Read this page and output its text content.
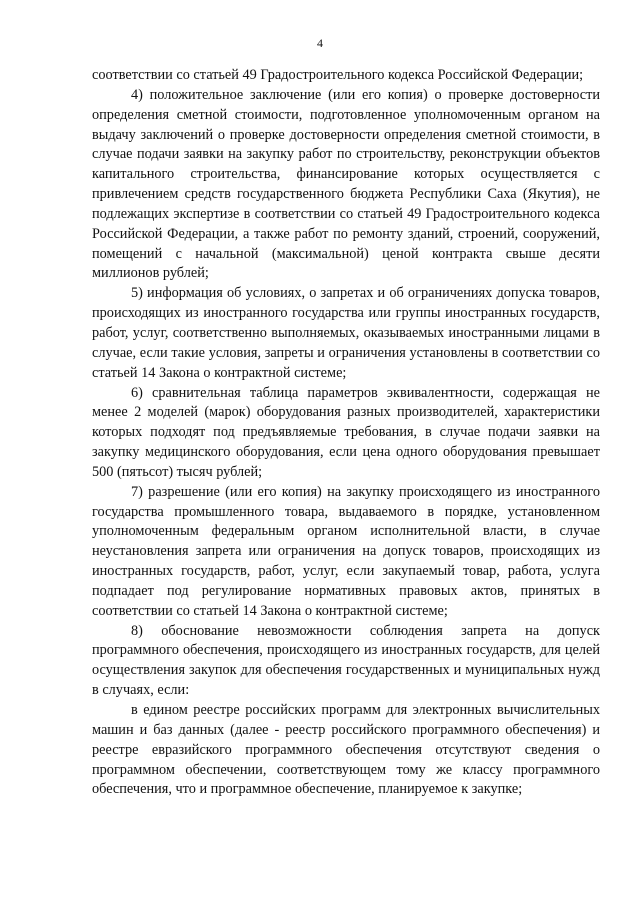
4

соответствии со статьей 49 Градостроительного кодекса Российской Федерации;

4) положительное заключение (или его копия) о проверке достоверности определения сметной стоимости, подготовленное уполномоченным органом на выдачу заключений о проверке достоверности определения сметной стоимости, в случае подачи заявки на закупку работ по строительству, реконструкции объектов капитального строительства, финансирование которых осуществляется с привлечением средств государственного бюджета Республики Саха (Якутия), не подлежащих экспертизе в соответствии со статьей 49 Градостроительного кодекса Российской Федерации, а также работ по ремонту зданий, строений, сооружений, помещений с начальной (максимальной) ценой контракта свыше десяти миллионов рублей;

5) информация об условиях, о запретах и об ограничениях допуска товаров, происходящих из иностранного государства или группы иностранных государств, работ, услуг, соответственно выполняемых, оказываемых иностранными лицами в случае, если такие условия, запреты и ограничения установлены в соответствии со статьей 14 Закона о контрактной системе;

6) сравнительная таблица параметров эквивалентности, содержащая не менее 2 моделей (марок) оборудования разных производителей, характеристики которых подходят под предъявляемые требования, в случае подачи заявки на закупку медицинского оборудования, если цена одного оборудования превышает 500 (пятьсот) тысяч рублей;

7) разрешение (или его копия) на закупку происходящего из иностранного государства промышленного товара, выдаваемого в порядке, установленном уполномоченным федеральным органом исполнительной власти, в случае неустановления запрета или ограничения на допуск товаров, происходящих из иностранных государств, работ, услуг, если закупаемый товар, работа, услуга подпадает под регулирование нормативных правовых актов, принятых в соответствии со статьей 14 Закона о контрактной системе;

8) обоснование невозможности соблюдения запрета на допуск программного обеспечения, происходящего из иностранных государств, для целей осуществления закупок для обеспечения государственных и муниципальных нужд в случаях, если:

в едином реестре российских программ для электронных вычислительных машин и баз данных (далее - реестр российского программного обеспечения) и реестре евразийского программного обеспечения отсутствуют сведения о программном обеспечении, соответствующем тому же классу программного обеспечения, что и программное обеспечение, планируемое к закупке;
